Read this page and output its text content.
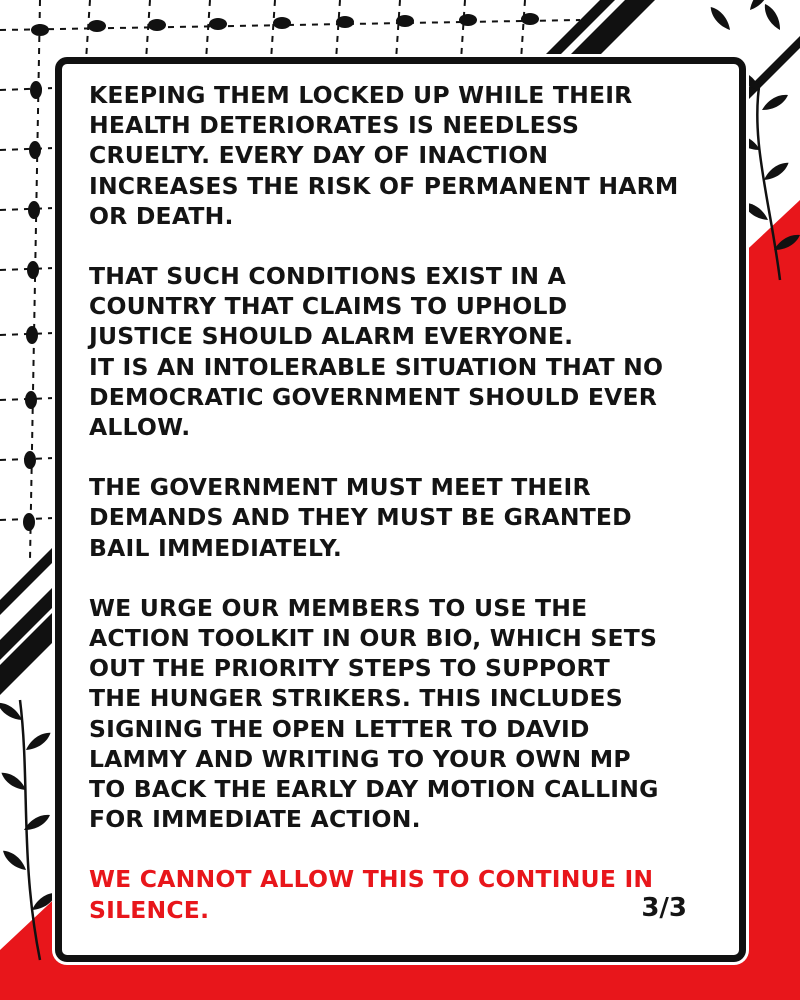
KEEPING THEM LOCKED UP WHILE THEIR
HEALTH DETERIORATES IS NEEDLESS
CRUELTY. EVERY DAY OF INACTION
INCREASES THE RISK OF PERMANENT HARM
OR DEATH.
THAT SUCH CONDITIONS EXIST IN A
COUNTRY THAT CLAIMS TO UPHOLD
JUSTICE SHOULD ALARM EVERYONE.
IT IS AN INTOLERABLE SITUATION THAT NO
DEMOCRATIC GOVERNMENT SHOULD EVER
ALLOW.
THE GOVERNMENT MUST MEET THEIR
DEMANDS AND THEY MUST BE GRANTED
BAIL IMMEDIATELY.
WE URGE OUR MEMBERS TO USE THE
ACTION TOOLKIT IN OUR BIO, WHICH SETS
OUT THE PRIORITY STEPS TO SUPPORT
THE HUNGER STRIKERS. THIS INCLUDES
SIGNING THE OPEN LETTER TO DAVID
LAMMY AND WRITING TO YOUR OWN MP
TO BACK THE EARLY DAY MOTION CALLING
FOR IMMEDIATE ACTION.
WE CANNOT ALLOW THIS TO CONTINUE IN
SILENCE.	3/3
